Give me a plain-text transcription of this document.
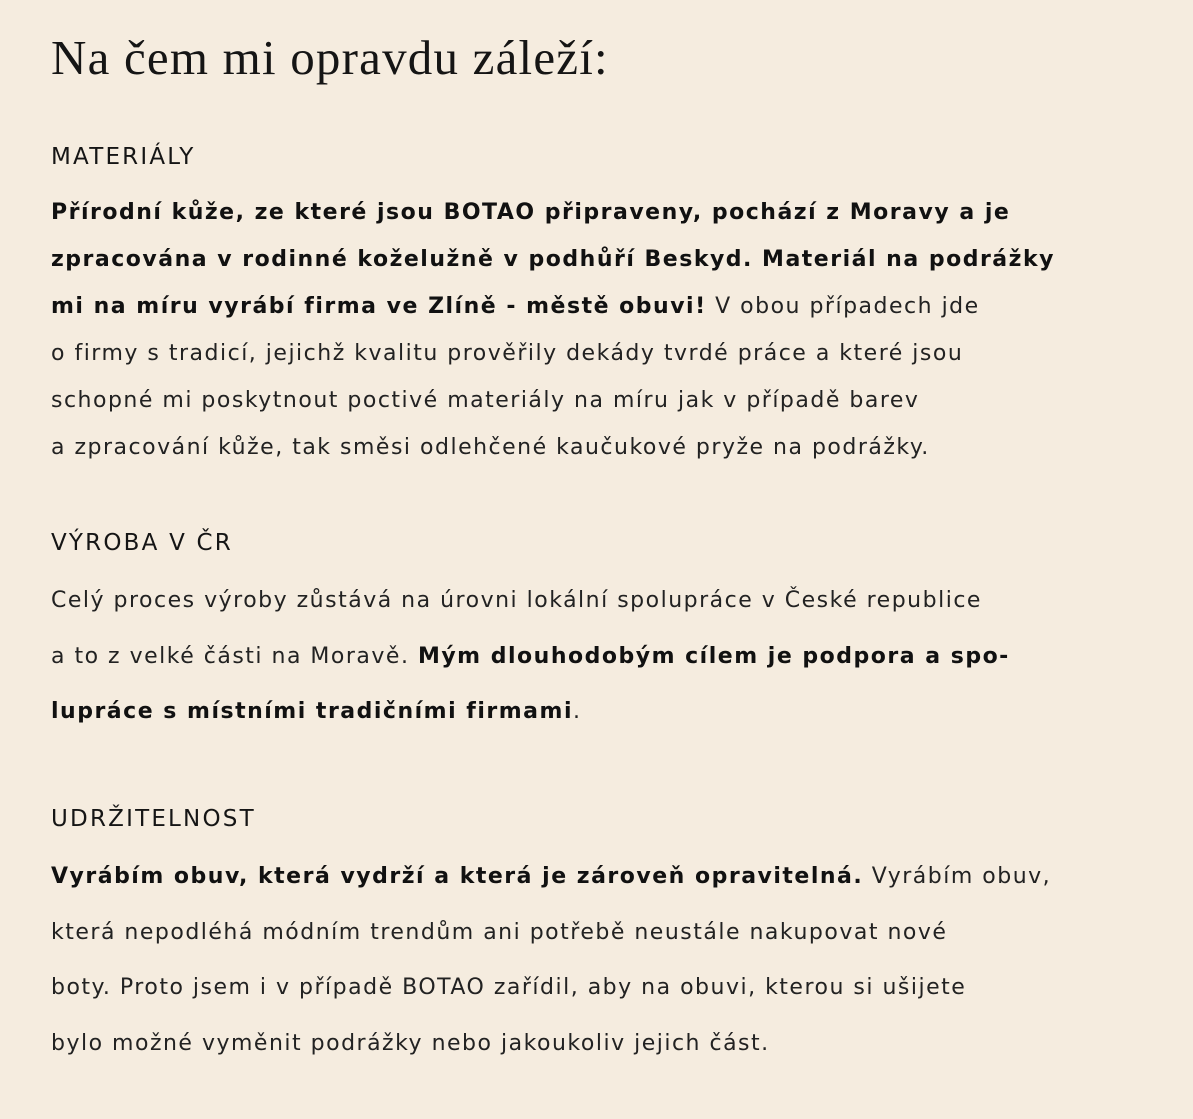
Na čem mi opravdu záleží:
MATERIÁLY

Přírodní kůže, ze které jsou BOTAO připraveny, pochází z Moravy a je
zpracována v rodinné koželužně v podhůří Beskyd. Materiál na podrážky
mi na míru vyrábí firma ve Zlíně - městě obuvi! V obou případech jde
o firmy s tradicí, jejichž kvalitu prověřily dekády tvrdé práce a které jsou
schopné mi poskytnout poctivé materiály na míru jak v případě barev
a zpracování kůže, tak směsi odlehčené kaučukové pryže na podrážky.

VÝROBA V ČR

Celý proces výroby zůstává na úrovni lokální spolupráce v České republice
a to z velké části na Moravě. Mým dlouhodobým cílem je podpora a spo-
lupráce s místními tradičními firmami.

UDRŽITELNOST

Vyrábím obuv, která vydrží a která je zároveň opravitelná. Vyrábím obuv,
která nepodléhá módním trendům ani potřebě neustále nakupovat nové
boty. Proto jsem i v případě BOTAO zařídil, aby na obuvi, kterou si ušijete
bylo možné vyměnit podrážky nebo jakoukoliv jejich část.
